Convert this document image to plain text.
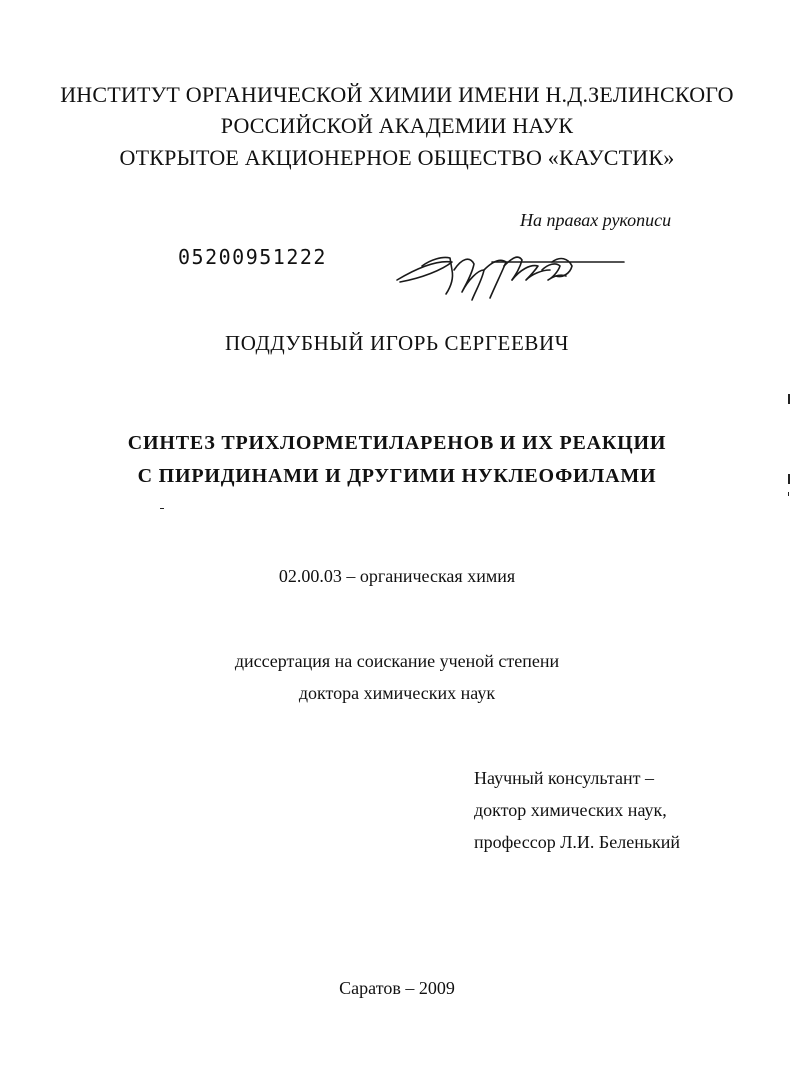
ИНСТИТУТ ОРГАНИЧЕСКОЙ ХИМИИ ИМЕНИ Н.Д.ЗЕЛИНСКОГО
РОССИЙСКОЙ АКАДЕМИИ НАУК
ОТКРЫТОЕ АКЦИОНЕРНОЕ ОБЩЕСТВО «КАУСТИК»
На правах рукописи
05200951222
ПОДДУБНЫЙ ИГОРЬ СЕРГЕЕВИЧ
СИНТЕЗ ТРИХЛОРМЕТИЛАРЕНОВ И ИХ РЕАКЦИИ
С ПИРИДИНАМИ И ДРУГИМИ НУКЛЕОФИЛАМИ
02.00.03 – органическая химия
диссертация на соискание ученой степени
доктора химических наук
Научный консультант –
доктор химических наук,
профессор Л.И. Беленький
Саратов – 2009
